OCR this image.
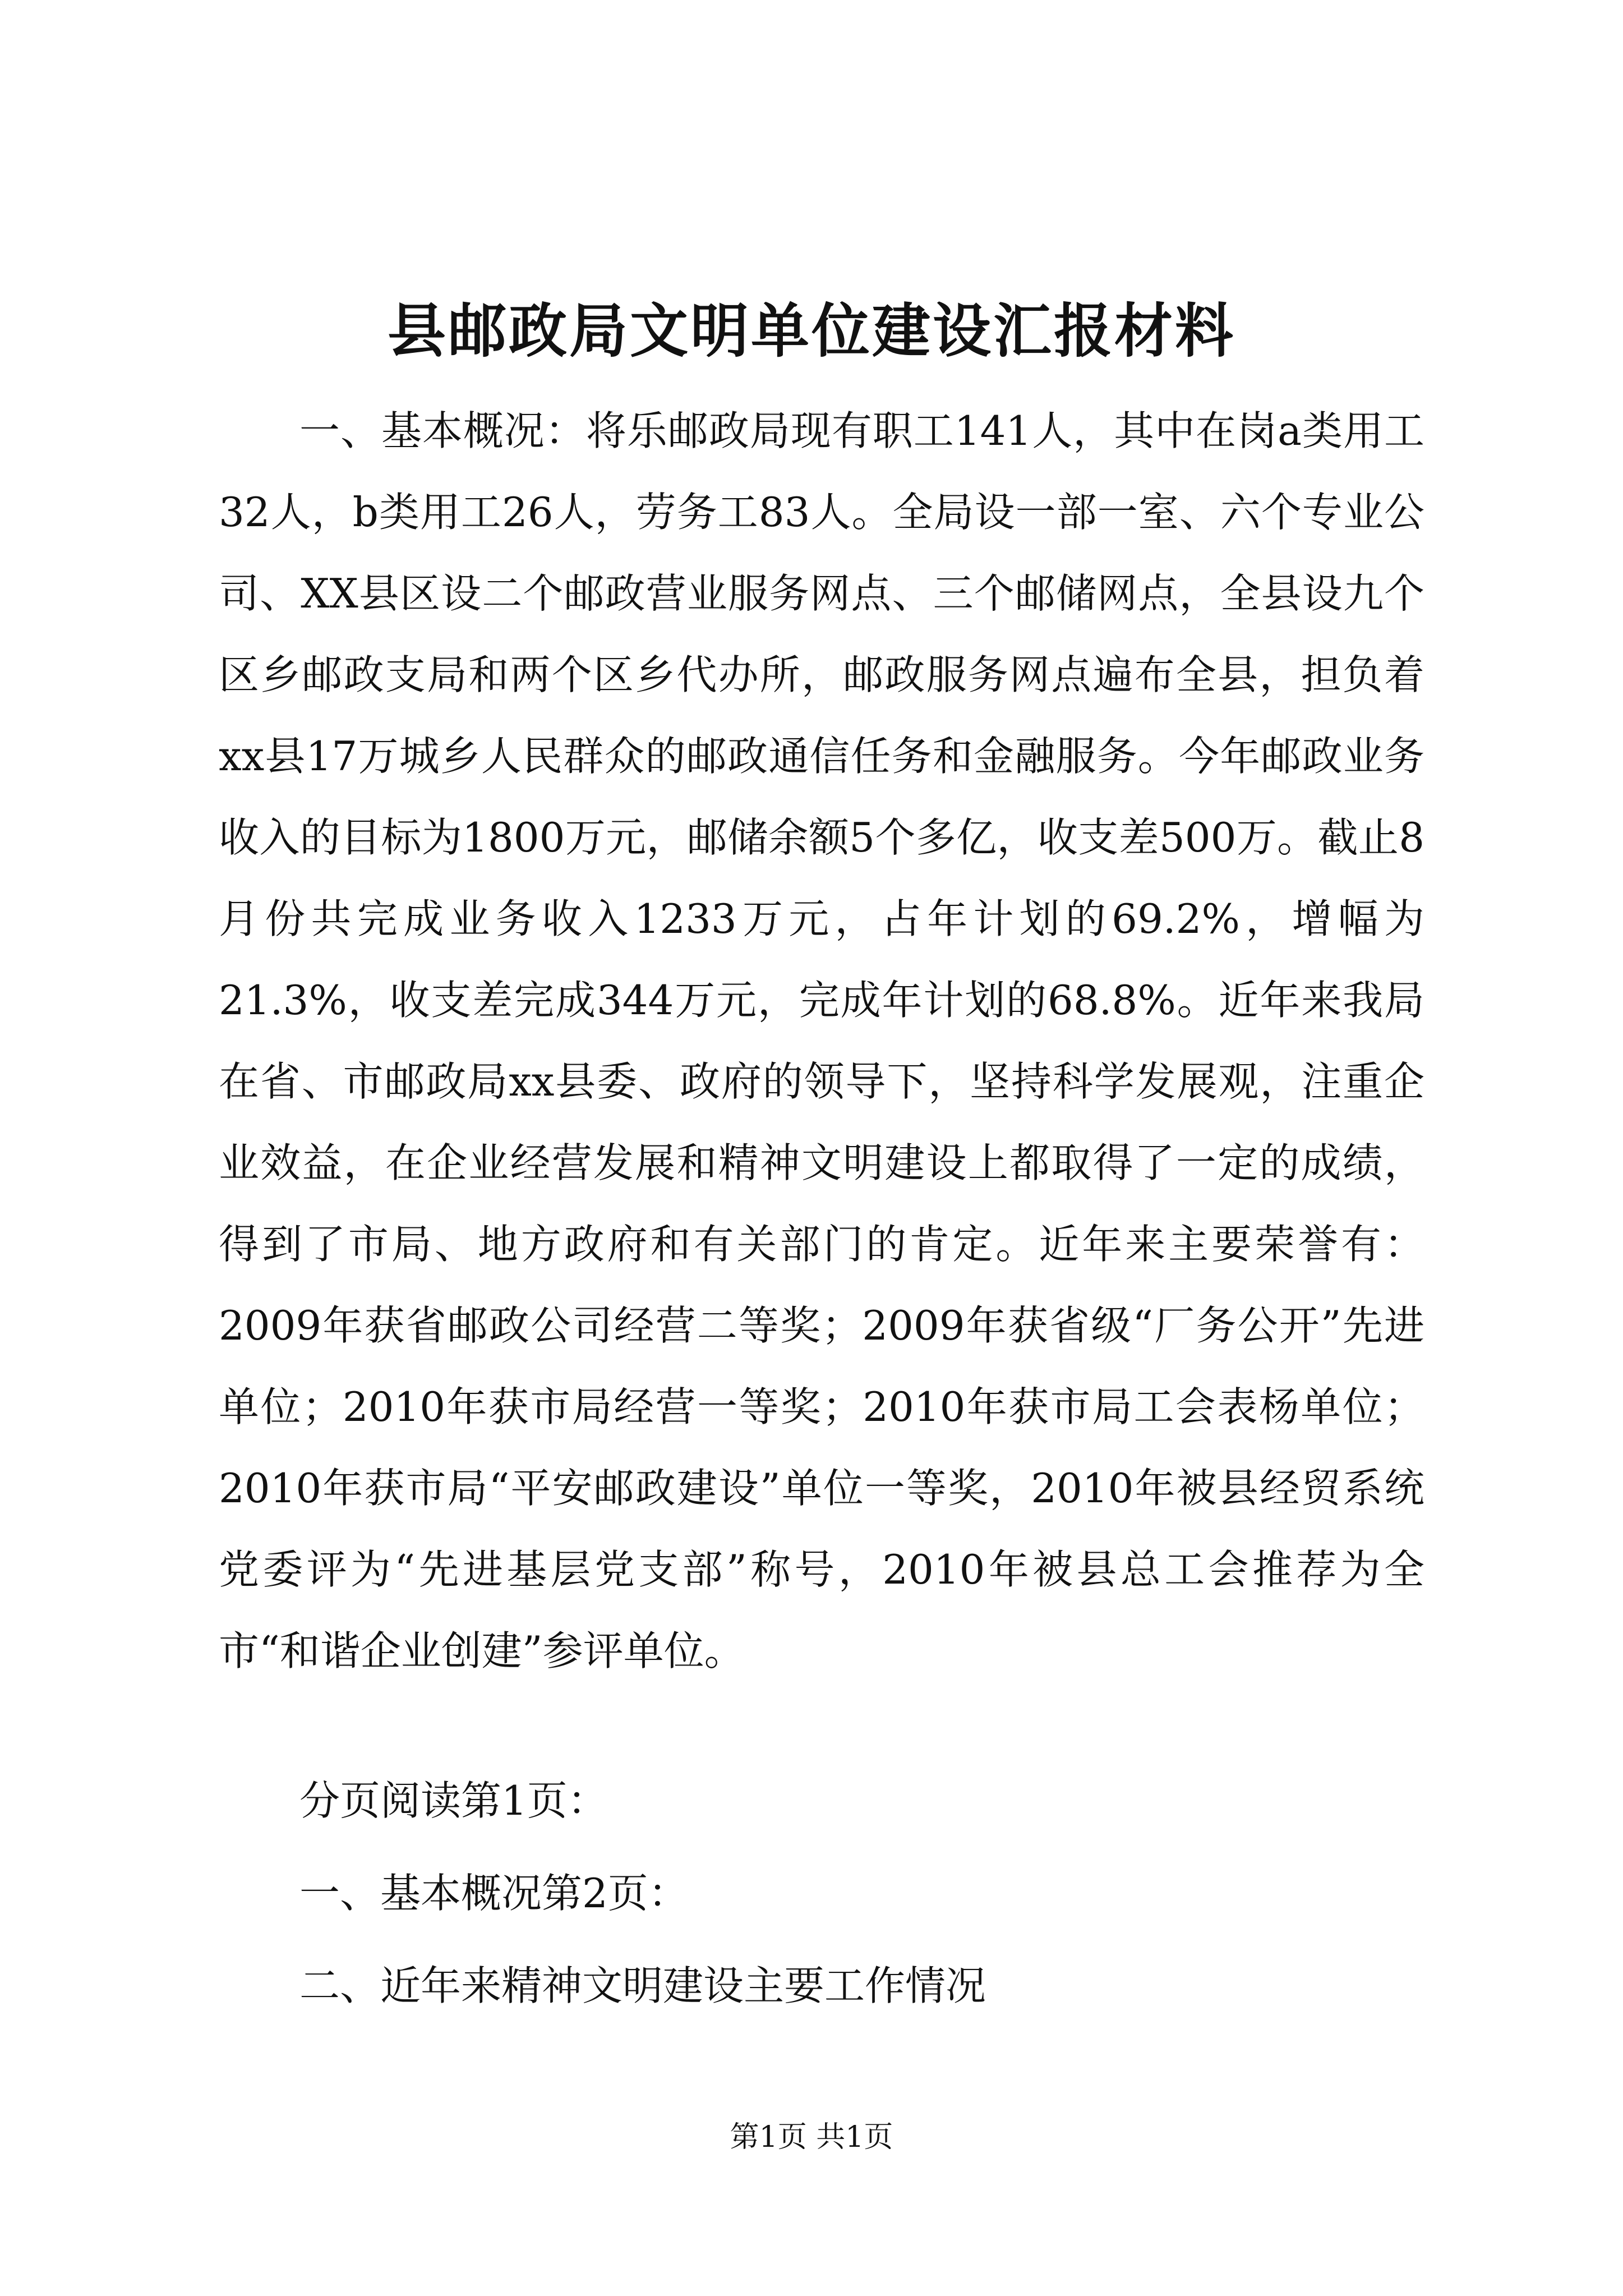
县邮政局文明单位建设汇报材料

一、基本概况：将乐邮政局现有职工141人，其中在岗a类用工32人，b类用工26人，劳务工83人。全局设一部一室、六个专业公司、XX县区设二个邮政营业服务网点、三个邮储网点，全县设九个区乡邮政支局和两个区乡代办所，邮政服务网点遍布全县，担负着xx县17万城乡人民群众的邮政通信任务和金融服务。今年邮政业务收入的目标为1800万元，邮储余额5个多亿，收支差500万。截止8月份共完成业务收入1233万元，占年计划的69.2%，增幅为21.3%，收支差完成344万元，完成年计划的68.8%。近年来我局在省、市邮政局xx县委、政府的领导下，坚持科学发展观，注重企业效益，在企业经营发展和精神文明建设上都取得了一定的成绩，得到了市局、地方政府和有关部门的肯定。近年来主要荣誉有：2009年获省邮政公司经营二等奖；2009年获省级“厂务公开”先进单位；2010年获市局经营一等奖；2010年获市局工会表杨单位；2010年获市局“平安邮政建设”单位一等奖，2010年被县经贸系统党委评为“先进基层党支部”称号，2010年被县总工会推荐为全市“和谐企业创建”参评单位。

分页阅读第1页：

一、基本概况第2页：

二、近年来精神文明建设主要工作情况

第1页 共1页
